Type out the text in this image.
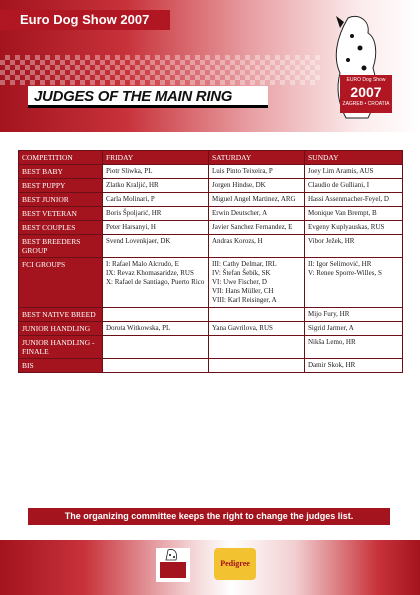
Euro Dog Show 2007
JUDGES OF THE MAIN RING
EURO Dog Show
2007
ZAGREB • CROATIA
COMPETITION	FRIDAY	SATURDAY	SUNDAY
BEST BABY	Piotr Sliwka, PL	Luis Pinto Teixeira, P	Joey Lim Aramis, AUS
BEST PUPPY	Zlatko Kraljić, HR	Jorgen Hindse, DK	Claudio de Gulliani, I
BEST JUNIOR	Carla Molinari, P	Miguel Angel Martinez, ARG	Hassi Assenmacher-Feyel, D
BEST VETERAN	Boris Špoljarić, HR	Erwin Deutscher, A	Monique Van Brempt, B
BEST COUPLES	Peter Harsanyi, H	Javier Sanchez Fernandez, E	Evgeny Kuplyauskas, RUS
BEST BREEDERS GROUP	Svend Lovenkjaer, DK	Andras Korozs, H	Vibor Ježek, HR
FCI GROUPS	I: Rafael Malo Alcrudo, E
IX: Revaz Khomasaridze, RUS
X: Rafael de Santiago, Puerto Rico	III: Cathy Delmar, IRL
IV: Štefan Šebík, SK
VI: Uwe Fischer, D
VII: Hans Müller, CH
VIII: Karl Reisinger, A	II: Igor Selimović, HR
V: Renee Sporre-Willes, S
BEST NATIVE BREED			Mijo Fury, HR
JUNIOR HANDLING	Dorota Witkowska, PL	Yana Gavrilova, RUS	Sigrid Jarmer, A
JUNIOR HANDLING - FINALE			Nikša Lemo, HR
BIS			Damir Skok, HR
The organizing committee keeps the right to change the judges list.
Pedigree
